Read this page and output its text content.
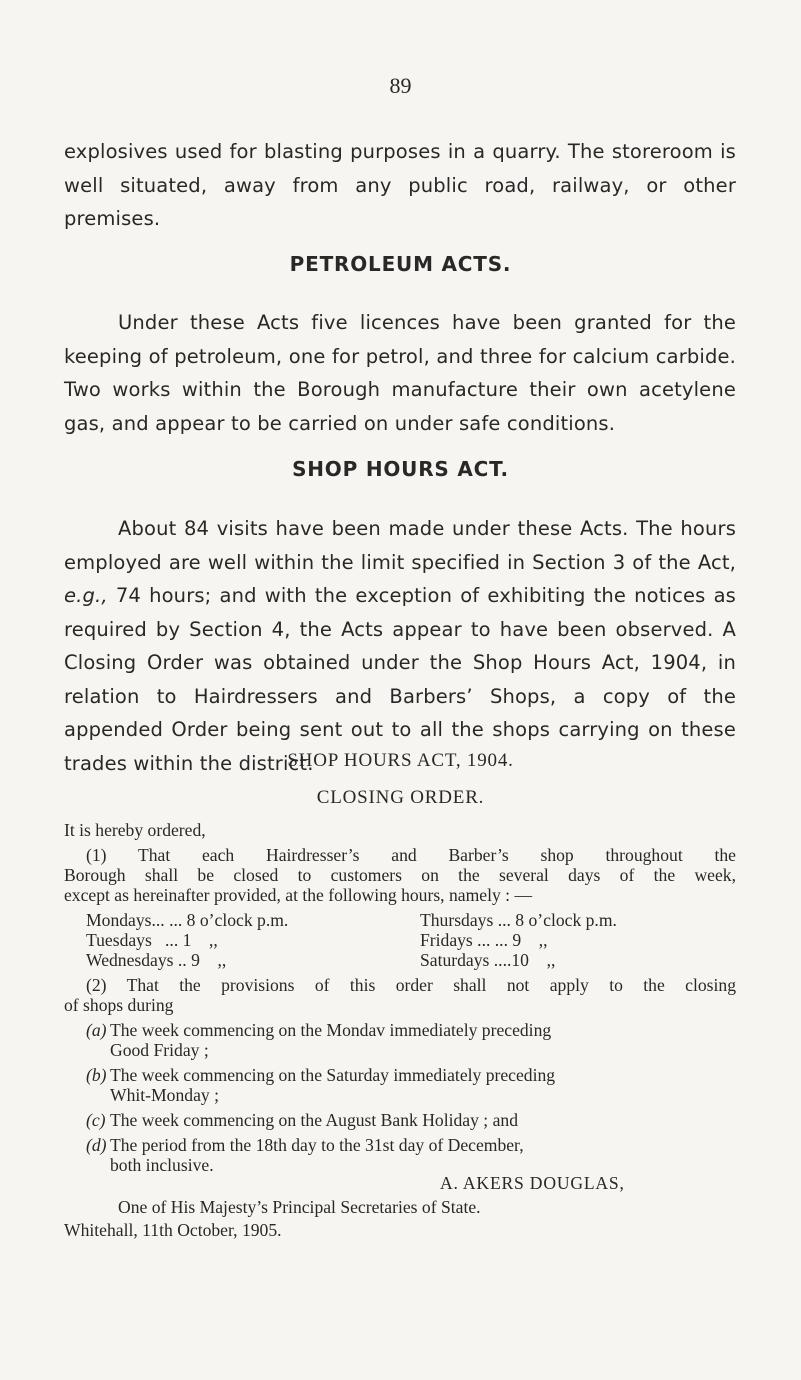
89

explosives used for blasting purposes in a quarry. The storeroom is well situated, away from any public road, railway, or other premises.

PETROLEUM ACTS.

Under these Acts five licences have been granted for the keeping of petroleum, one for petrol, and three for calcium carbide. Two works within the Borough manufacture their own acetylene gas, and appear to be carried on under safe conditions.

SHOP HOURS ACT.

About 84 visits have been made under these Acts. The hours employed are well within the limit specified in Section 3 of the Act, e.g., 74 hours; and with the exception of exhibiting the notices as required by Section 4, the Acts appear to have been observed. A Closing Order was obtained under the Shop Hours Act, 1904, in relation to Hairdressers and Barbers’ Shops, a copy of the appended Order being sent out to all the shops carrying on these trades within the district.

SHOP HOURS ACT, 1904.
CLOSING ORDER.
It is hereby ordered,
(1) That each Hairdresser’s and Barber’s shop throughout the
Borough shall be closed to customers on the several days of the week,
except as hereinafter provided, at the following hours, namely : —
Mondays... ... 8 o’clock p.m.	Thursdays ... 8 o’clock p.m.
Tuesdays   ... 1    ,,	Fridays ... ... 9    ,,
Wednesdays .. 9    ,,	Saturdays ....10    ,,
(2) That the provisions of this order shall not apply to the closing
of shops during
(a) The week commencing on the Mondav immediately preceding
Good Friday ;
(b) The week commencing on the Saturday immediately preceding
Whit-Monday ;
(c) The week commencing on the August Bank Holiday ; and
(d) The period from the 18th day to the 31st day of December,
both inclusive.
A. AKERS DOUGLAS,
One of His Majesty’s Principal Secretaries of State.
Whitehall, 11th October, 1905.
